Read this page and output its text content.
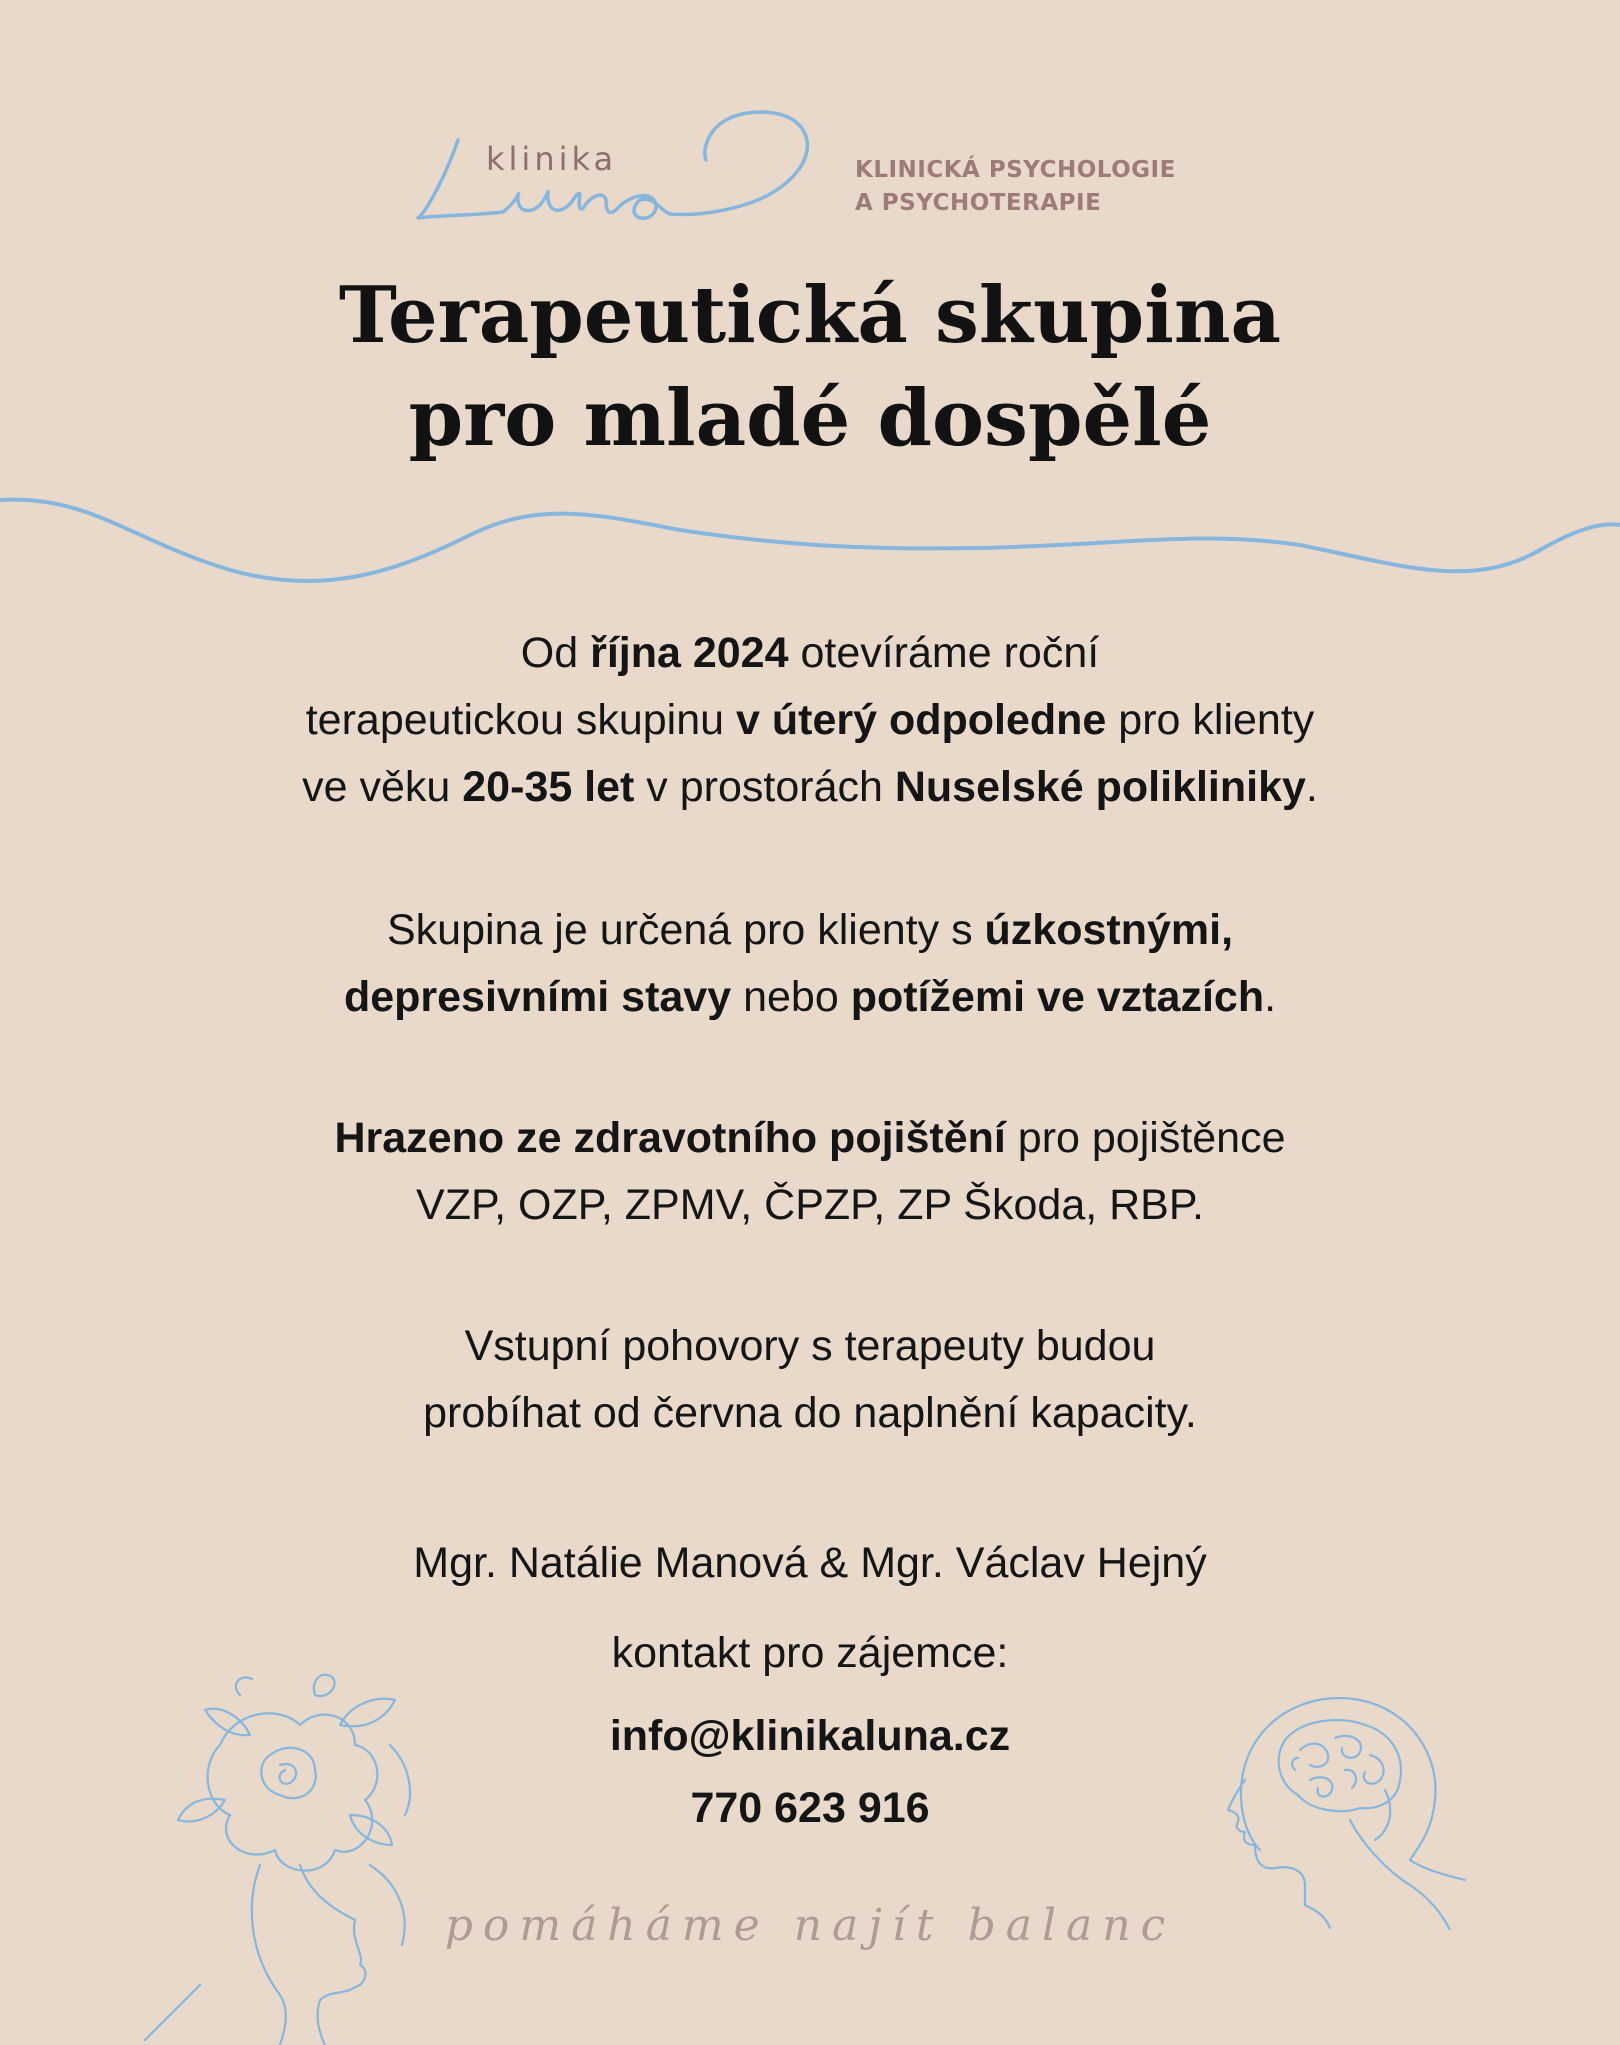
klinika	KLINICKÁ PSYCHOLOGIE
A PSYCHOTERAPIE
Terapeutická skupina
pro mladé dospělé
Od října 2024 otevíráme roční
terapeutickou skupinu v úterý odpoledne pro klienty
ve věku 20-35 let v prostorách Nuselské polikliniky.
Skupina je určená pro klienty s úzkostnými,
depresivními stavy nebo potížemi ve vztazích.
Hrazeno ze zdravotního pojištění pro pojištěnce
VZP, OZP, ZPMV, ČPZP, ZP Škoda, RBP.
Vstupní pohovory s terapeuty budou
probíhat od června do naplnění kapacity.
Mgr. Natálie Manová & Mgr. Václav Hejný
kontakt pro zájemce:
info@klinikaluna.cz
770 623 916
pomáháme najít balanc
